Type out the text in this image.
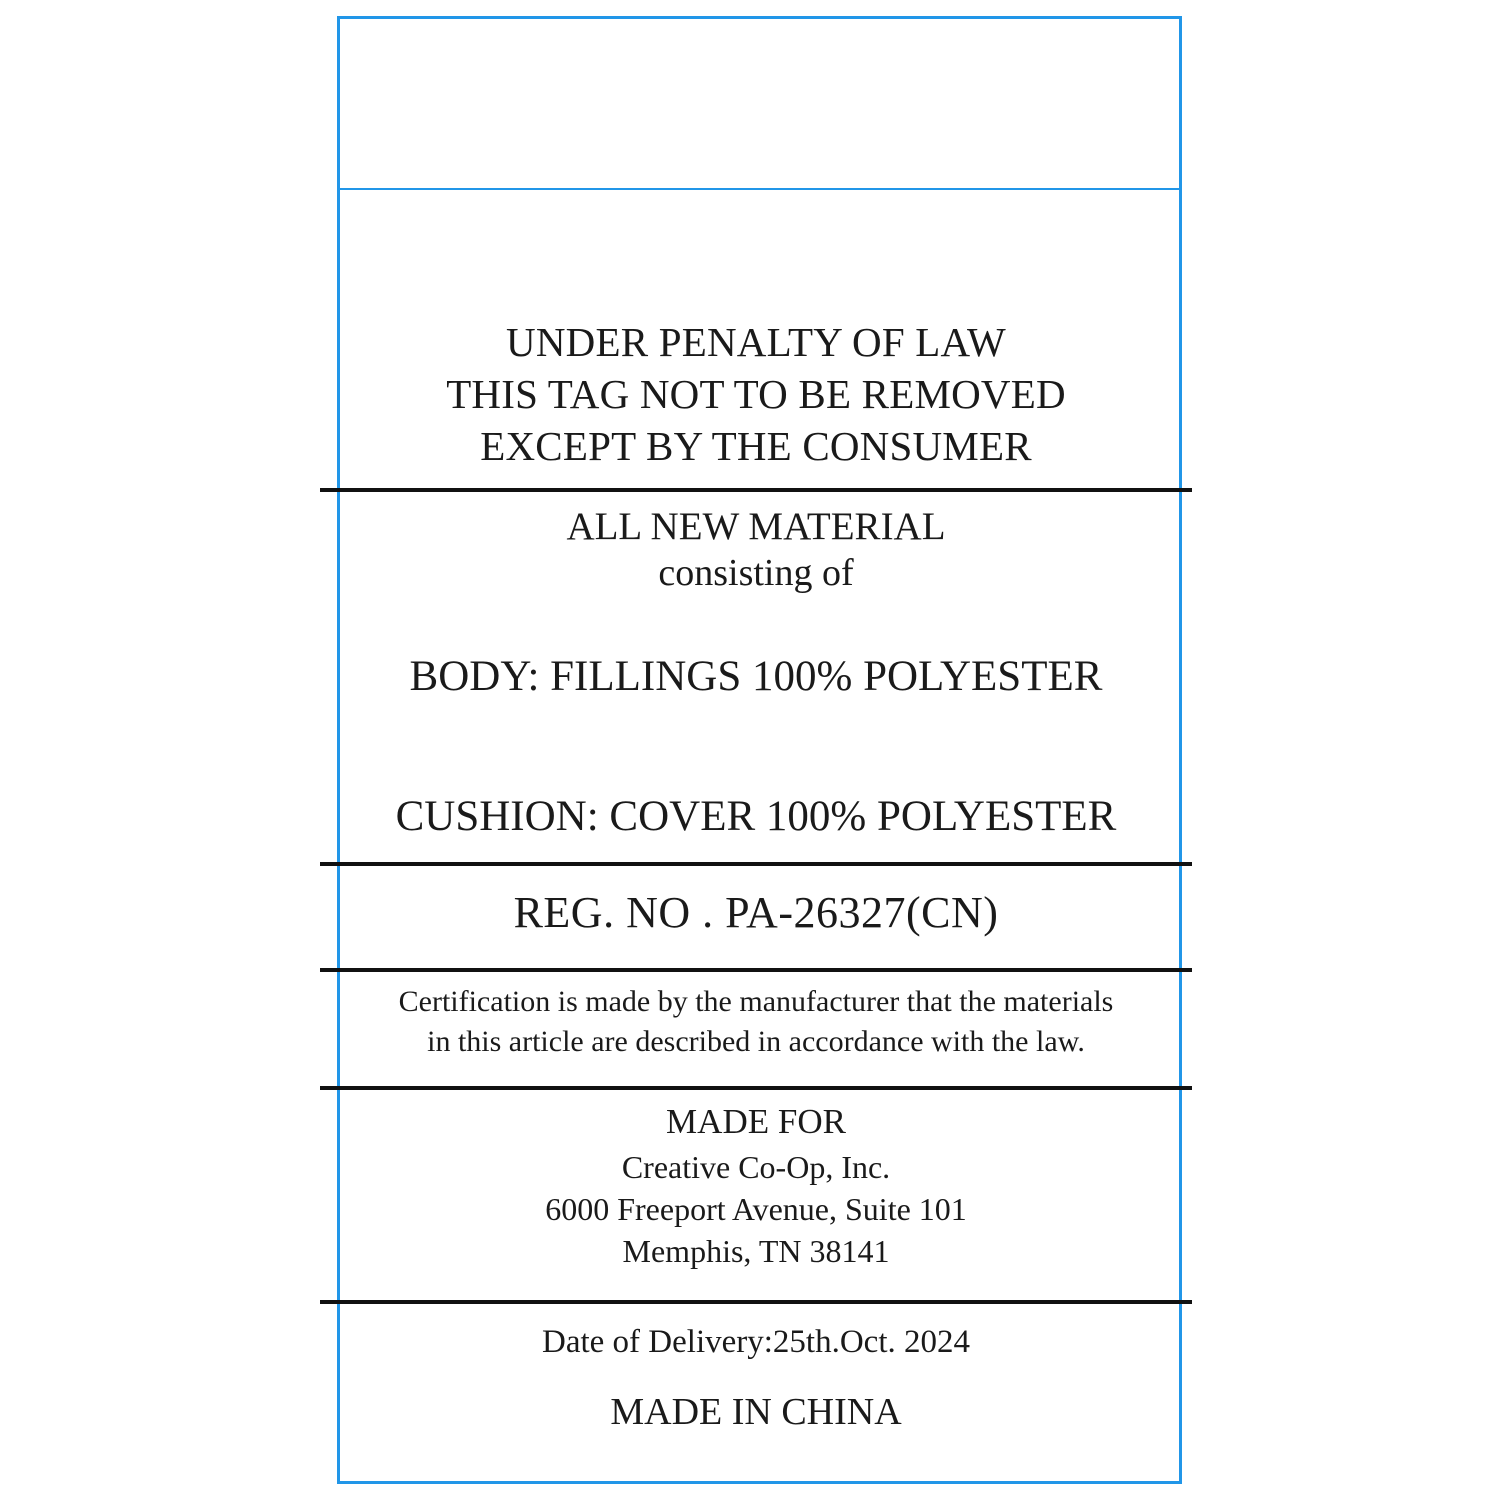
UNDER PENALTY OF LAW
THIS TAG NOT TO BE REMOVED
EXCEPT BY THE CONSUMER
ALL NEW MATERIAL
consisting of
BODY: FILLINGS 100% POLYESTER
CUSHION: COVER 100% POLYESTER
REG. NO . PA-26327(CN)
Certification is made by the manufacturer that the materials
in this article are described in accordance with the law.
MADE FOR
Creative Co-Op, Inc.
6000 Freeport Avenue, Suite 101
Memphis, TN 38141
Date of Delivery:25th.Oct. 2024
MADE IN CHINA
